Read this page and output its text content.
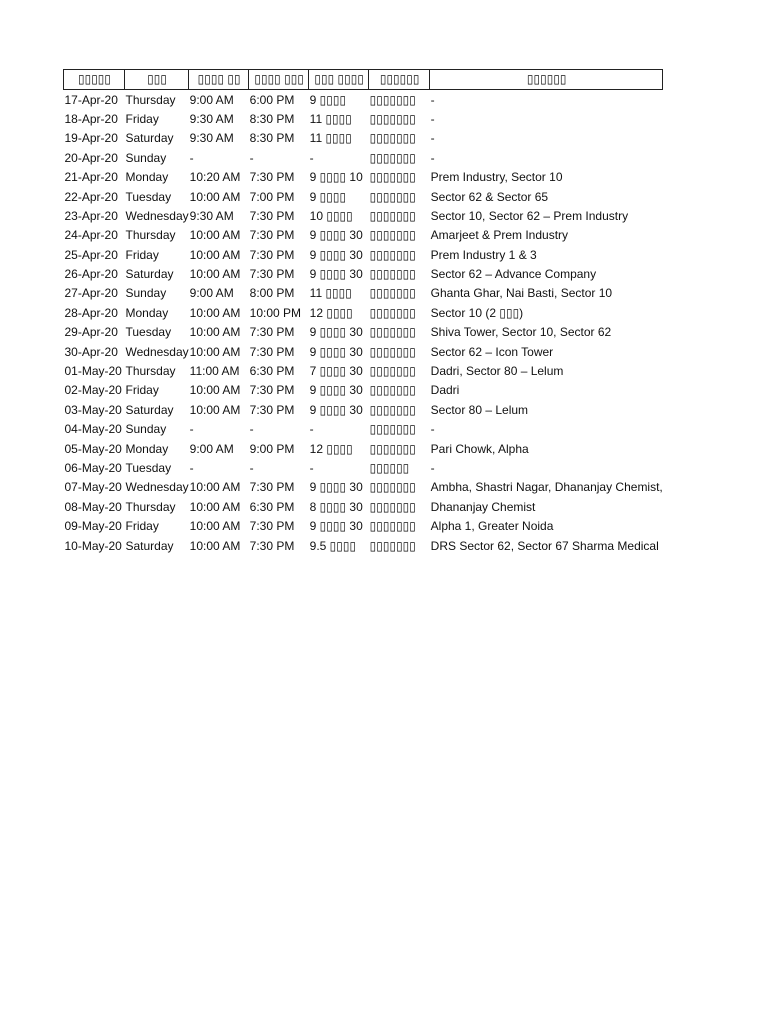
▯▯▯▯▯	▯▯▯	▯▯▯▯ ▯▯	▯▯▯▯ ▯▯▯	▯▯▯ ▯▯▯▯	▯▯▯▯▯▯	▯▯▯▯▯▯
17-Apr-20	Thursday	9:00 AM	6:00 PM	9 ▯▯▯▯	▯▯▯▯▯▯▯	-
18-Apr-20	Friday	9:30 AM	8:30 PM	11 ▯▯▯▯	▯▯▯▯▯▯▯	-
19-Apr-20	Saturday	9:30 AM	8:30 PM	11 ▯▯▯▯	▯▯▯▯▯▯▯	-
20-Apr-20	Sunday	-	-	-	▯▯▯▯▯▯▯	-
21-Apr-20	Monday	10:20 AM	7:30 PM	9 ▯▯▯▯ 10	▯▯▯▯▯▯▯	Prem Industry, Sector 10
22-Apr-20	Tuesday	10:00 AM	7:00 PM	9 ▯▯▯▯	▯▯▯▯▯▯▯	Sector 62 & Sector 65
23-Apr-20	Wednesday	9:30 AM	7:30 PM	10 ▯▯▯▯	▯▯▯▯▯▯▯	Sector 10, Sector 62 – Prem Industry
24-Apr-20	Thursday	10:00 AM	7:30 PM	9 ▯▯▯▯ 30	▯▯▯▯▯▯▯	Amarjeet & Prem Industry
25-Apr-20	Friday	10:00 AM	7:30 PM	9 ▯▯▯▯ 30	▯▯▯▯▯▯▯	Prem Industry 1 & 3
26-Apr-20	Saturday	10:00 AM	7:30 PM	9 ▯▯▯▯ 30	▯▯▯▯▯▯▯	Sector 62 – Advance Company
27-Apr-20	Sunday	9:00 AM	8:00 PM	11 ▯▯▯▯	▯▯▯▯▯▯▯	Ghanta Ghar, Nai Basti, Sector 10
28-Apr-20	Monday	10:00 AM	10:00 PM	12 ▯▯▯▯	▯▯▯▯▯▯▯	Sector 10 (2 ▯▯▯)
29-Apr-20	Tuesday	10:00 AM	7:30 PM	9 ▯▯▯▯ 30	▯▯▯▯▯▯▯	Shiva Tower, Sector 10, Sector 62
30-Apr-20	Wednesday	10:00 AM	7:30 PM	9 ▯▯▯▯ 30	▯▯▯▯▯▯▯	Sector 62 – Icon Tower
01-May-20	Thursday	11:00 AM	6:30 PM	7 ▯▯▯▯ 30	▯▯▯▯▯▯▯	Dadri, Sector 80 – Lelum
02-May-20	Friday	10:00 AM	7:30 PM	9 ▯▯▯▯ 30	▯▯▯▯▯▯▯	Dadri
03-May-20	Saturday	10:00 AM	7:30 PM	9 ▯▯▯▯ 30	▯▯▯▯▯▯▯	Sector 80 – Lelum
04-May-20	Sunday	-	-	-	▯▯▯▯▯▯▯	-
05-May-20	Monday	9:00 AM	9:00 PM	12 ▯▯▯▯	▯▯▯▯▯▯▯	Pari Chowk, Alpha
06-May-20	Tuesday	-	-	-	▯▯▯▯▯▯	-
07-May-20	Wednesday	10:00 AM	7:30 PM	9 ▯▯▯▯ 30	▯▯▯▯▯▯▯	Ambha, Shastri Nagar, Dhananjay Chemist,
08-May-20	Thursday	10:00 AM	6:30 PM	8 ▯▯▯▯ 30	▯▯▯▯▯▯▯	Dhananjay Chemist
09-May-20	Friday	10:00 AM	7:30 PM	9 ▯▯▯▯ 30	▯▯▯▯▯▯▯	Alpha 1, Greater Noida
10-May-20	Saturday	10:00 AM	7:30 PM	9.5 ▯▯▯▯	▯▯▯▯▯▯▯	DRS Sector 62, Sector 67 Sharma Medical
